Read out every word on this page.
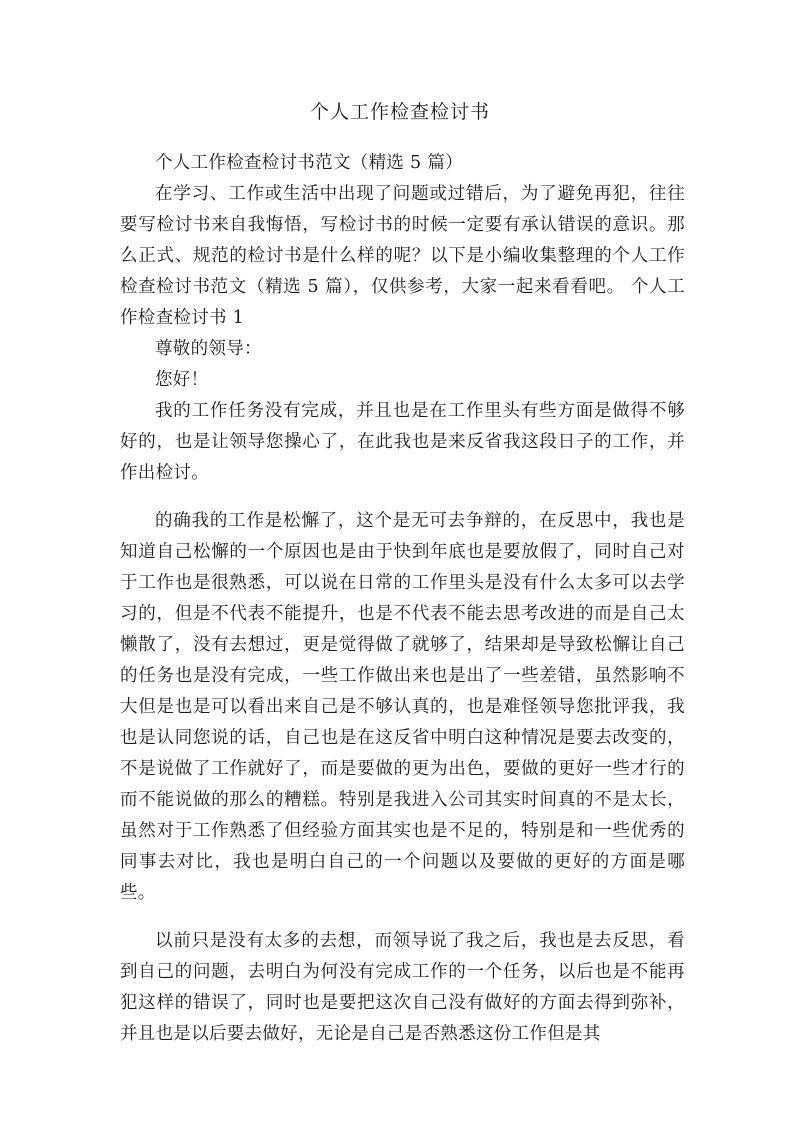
个人工作检查检讨书

个人工作检查检讨书范文（精选 5 篇）

在学习、工作或生活中出现了问题或过错后，为了避免再犯，往往要写检讨书来自我悔悟，写检讨书的时候一定要有承认错误的意识。那么正式、规范的检讨书是什么样的呢？以下是小编收集整理的个人工作检查检讨书范文（精选 5 篇），仅供参考，大家一起来看看吧。 个人工作检查检讨书 1

尊敬的领导：

您好！

我的工作任务没有完成，并且也是在工作里头有些方面是做得不够好的，也是让领导您操心了，在此我也是来反省我这段日子的工作，并作出检讨。

的确我的工作是松懈了，这个是无可去争辩的，在反思中，我也是知道自己松懈的一个原因也是由于快到年底也是要放假了，同时自己对于工作也是很熟悉，可以说在日常的工作里头是没有什么太多可以去学习的，但是不代表不能提升，也是不代表不能去思考改进的而是自己太懒散了，没有去想过，更是觉得做了就够了，结果却是导致松懈让自己的任务也是没有完成，一些工作做出来也是出了一些差错，虽然影响不大但是也是可以看出来自己是不够认真的，也是难怪领导您批评我，我也是认同您说的话，自己也是在这反省中明白这种情况是要去改变的，不是说做了工作就好了，而是要做的更为出色，要做的更好一些才行的而不能说做的那么的糟糕。特别是我进入公司其实时间真的不是太长，虽然对于工作熟悉了但经验方面其实也是不足的，特别是和一些优秀的同事去对比，我也是明白自己的一个问题以及要做的更好的方面是哪些。

以前只是没有太多的去想，而领导说了我之后，我也是去反思，看到自己的问题，去明白为何没有完成工作的一个任务，以后也是不能再犯这样的错误了，同时也是要把这次自己没有做好的方面去得到弥补，并且也是以后要去做好，无论是自己是否熟悉这份工作但是其
